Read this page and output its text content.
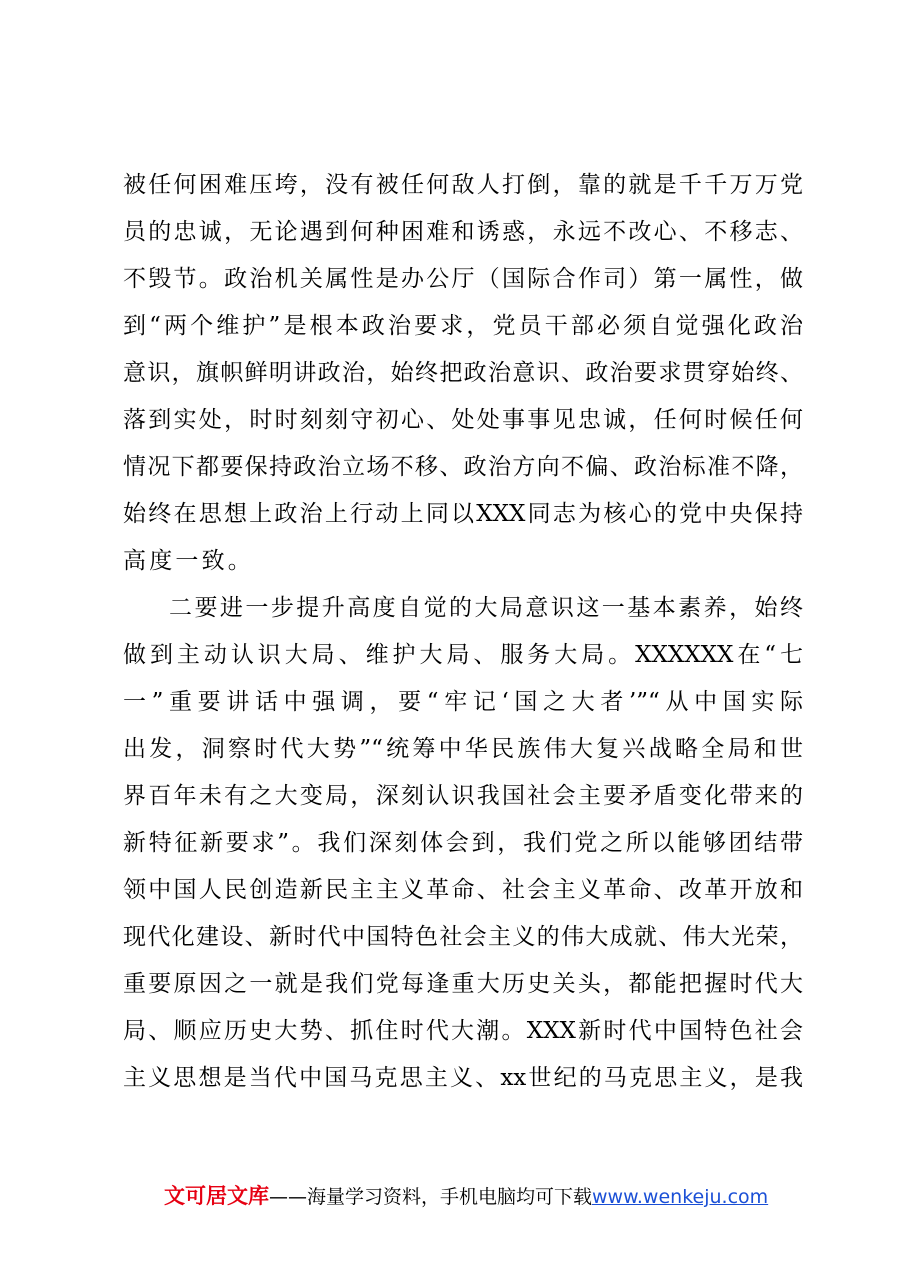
被任何困难压垮，没有被任何敌人打倒，靠的就是千千万万党
员的忠诚，无论遇到何种困难和诱惑，永远不改心、不移志、
不毁节。政治机关属性是办公厅（国际合作司）第一属性，做
到“两个维护”是根本政治要求，党员干部必须自觉强化政治
意识，旗帜鲜明讲政治，始终把政治意识、政治要求贯穿始终、
落到实处，时时刻刻守初心、处处事事见忠诚，任何时候任何
情况下都要保持政治立场不移、政治方向不偏、政治标准不降，
始终在思想上政治上行动上同以XXX同志为核心的党中央保持
高度一致。
二要进一步提升高度自觉的大局意识这一基本素养，始终
做到主动认识大局、维护大局、服务大局。XXXXXX在“七
一”重要讲话中强调，要“牢记‘国之大者’”“从中国实际
出发，洞察时代大势”“统筹中华民族伟大复兴战略全局和世
界百年未有之大变局，深刻认识我国社会主要矛盾变化带来的
新特征新要求”。我们深刻体会到，我们党之所以能够团结带
领中国人民创造新民主主义革命、社会主义革命、改革开放和
现代化建设、新时代中国特色社会主义的伟大成就、伟大光荣，
重要原因之一就是我们党每逢重大历史关头，都能把握时代大
局、顺应历史大势、抓住时代大潮。XXX新时代中国特色社会
主义思想是当代中国马克思主义、xx世纪的马克思主义，是我
文可居文库——海量学习资料，手机电脑均可下载www.wenkeju.com
